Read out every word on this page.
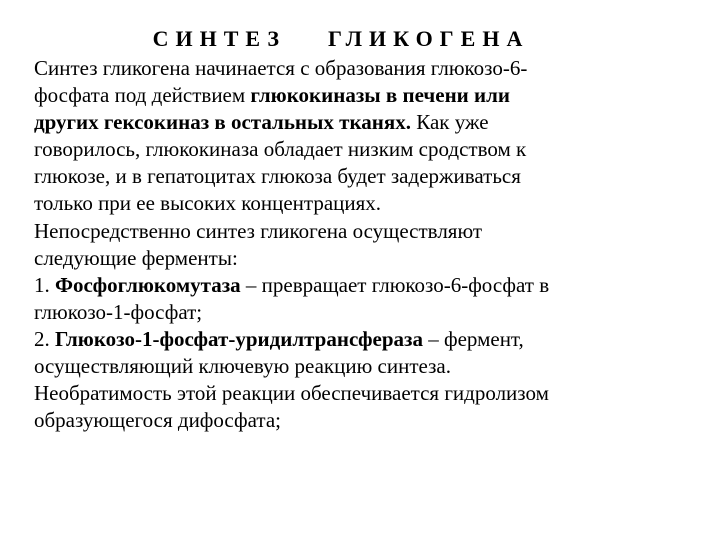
СИНТЕЗ ГЛИКОГЕНА
Синтез гликогена начинается с образования глюкозо-6-
фосфата под действием глюкокиназы в печени или
других гексокиназ в остальных тканях. Как уже
говорилось, глюкокиназа обладает низким сродством к
глюкозе, и в гепатоцитах глюкоза будет задерживаться
только при ее высоких концентрациях.
Непосредственно синтез гликогена осуществляют
следующие ферменты:
1. Фосфоглюкомутаза – превращает глюкозо-6-фосфат в
глюкозо-1-фосфат;
2. Глюкозо-1-фосфат-уридилтрансфераза – фермент,
осуществляющий ключевую реакцию синтеза.
Необратимость этой реакции обеспечивается гидролизом
образующегося дифосфата;
